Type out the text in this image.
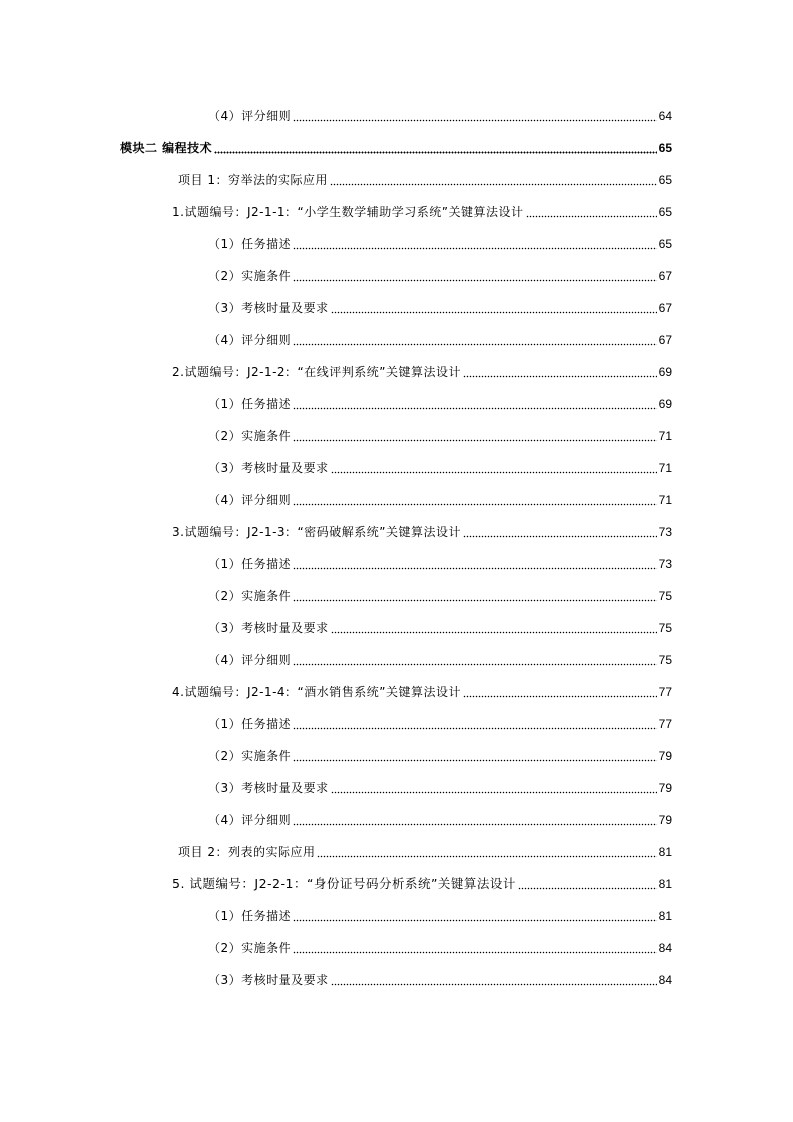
（4）评分细则	64
模块二 编程技术	65
项目 1：穷举法的实际应用	65
1.试题编号：J2-1-1：“小学生数学辅助学习系统”关键算法设计	65
（1）任务描述	65
（2）实施条件	67
（3）考核时量及要求	67
（4）评分细则	67
2.试题编号：J2-1-2：“在线评判系统”关键算法设计	69
（1）任务描述	69
（2）实施条件	71
（3）考核时量及要求	71
（4）评分细则	71
3.试题编号：J2-1-3：“密码破解系统”关键算法设计	73
（1）任务描述	73
（2）实施条件	75
（3）考核时量及要求	75
（4）评分细则	75
4.试题编号：J2-1-4：“酒水销售系统”关键算法设计	77
（1）任务描述	77
（2）实施条件	79
（3）考核时量及要求	79
（4）评分细则	79
项目 2：列表的实际应用	81
5. 试题编号：J2-2-1：“身份证号码分析系统”关键算法设计	81
（1）任务描述	81
（2）实施条件	84
（3）考核时量及要求	84
